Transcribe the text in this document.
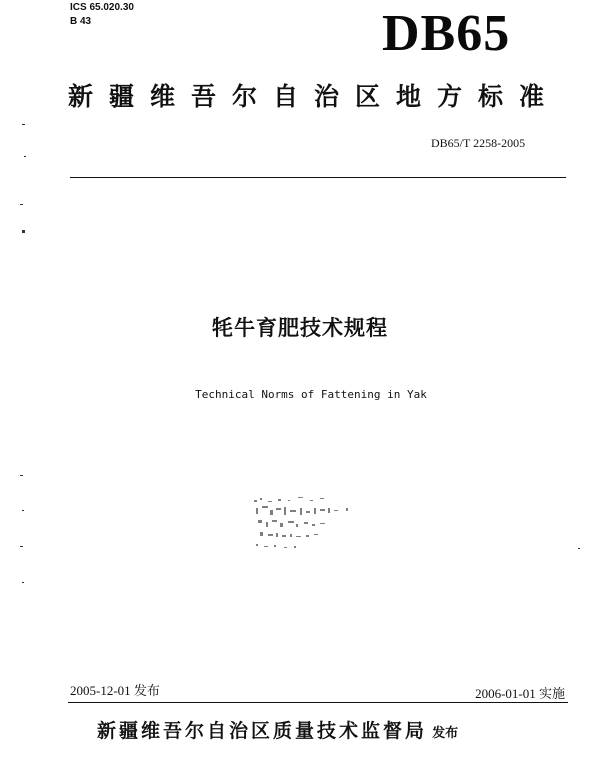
ICS 65.020.30
B 43	DB65
新疆维吾尔自治区地方标准
DB65/T 2258-2005
牦牛育肥技术规程
Technical Norms of Fattening in Yak
2005-12-01 发布	2006-01-01 实施
新疆维吾尔自治区质量技术监督局 发布
